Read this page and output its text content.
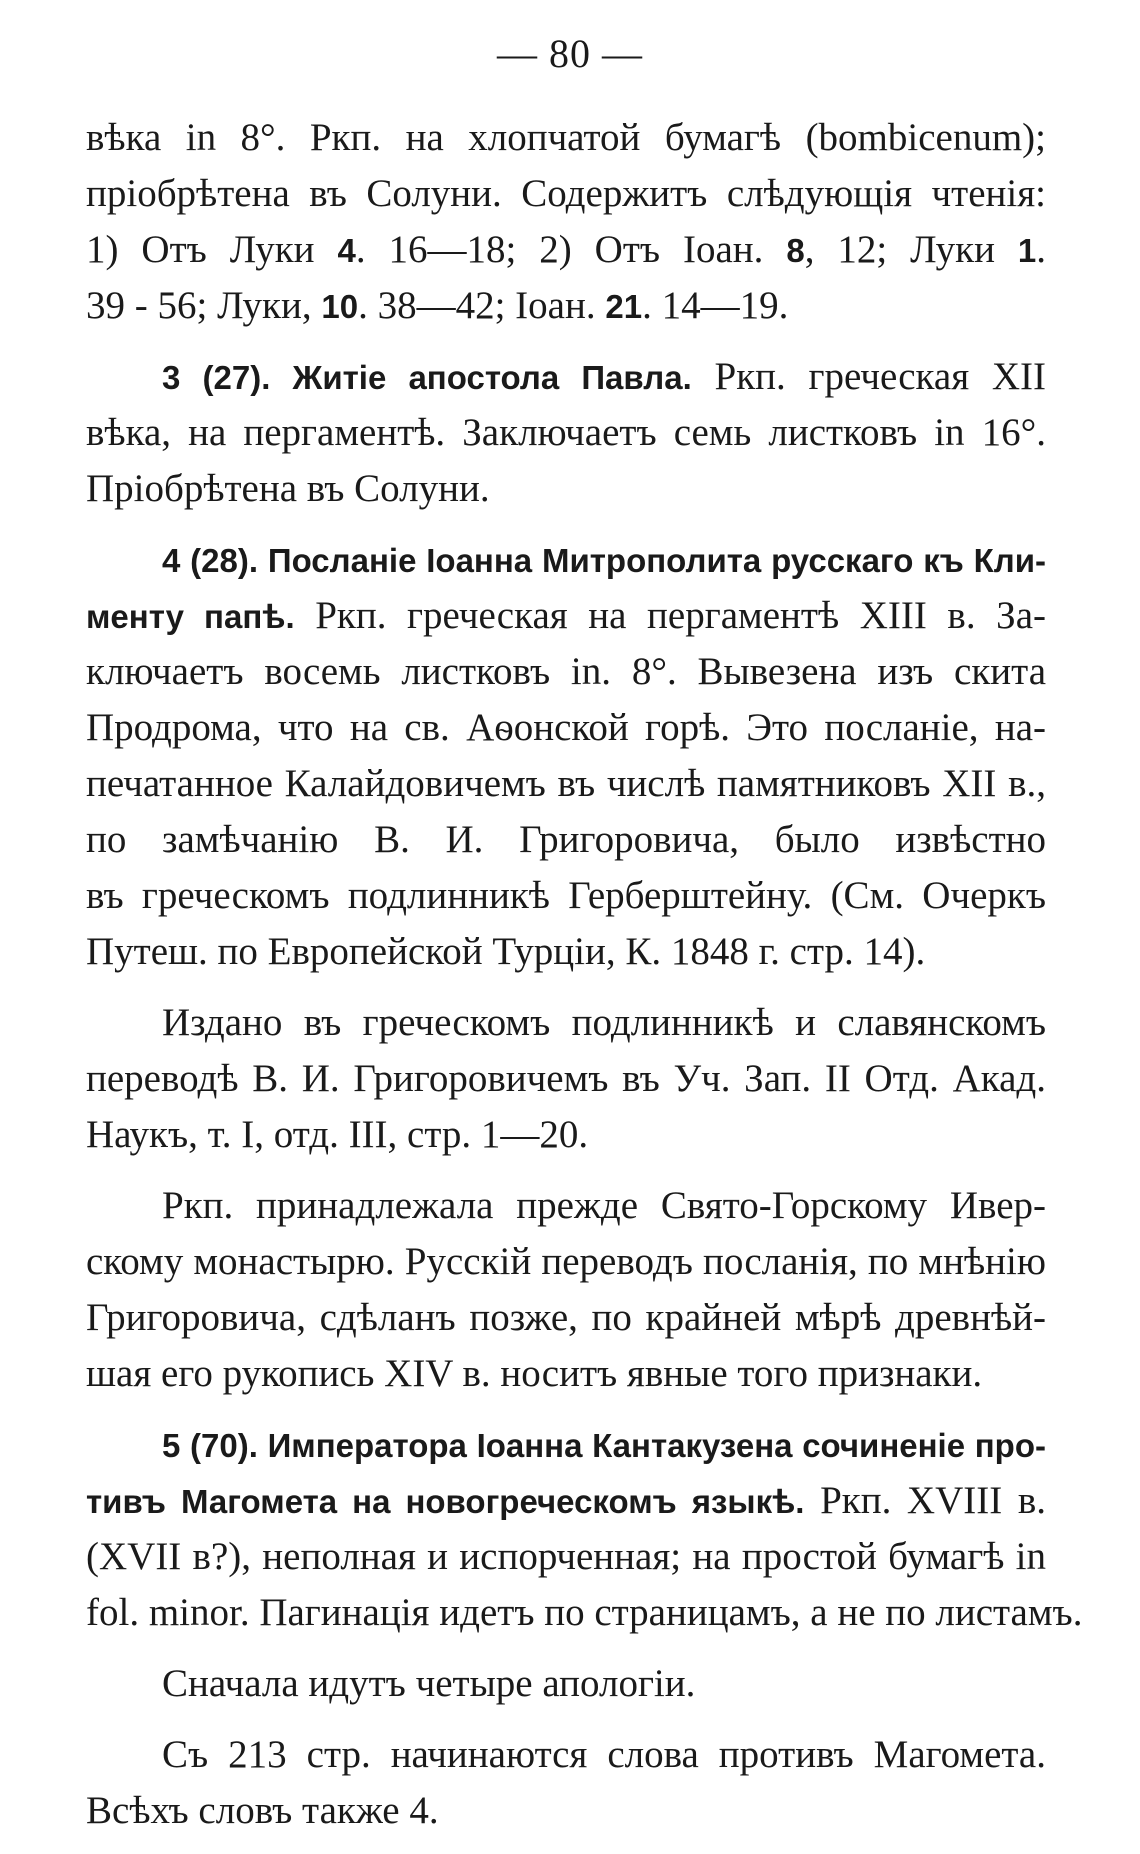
— 80 —
вѣка in 8°. Ркп. на хлопчатой бумагѣ (bombicenum);
пріобрѣтена въ Солуни. Содержитъ слѣдующія чтенія:
1) Отъ Луки 4. 16—18; 2) Отъ Іоан. 8, 12; Луки 1.
39 - 56; Луки, 10. 38—42; Іоан. 21. 14—19.
3 (27). Житіе апостола Павла. Ркп. греческая XII
вѣка, на пергаментѣ. Заключаетъ семь листковъ in 16°.
Пріобрѣтена въ Солуни.
4 (28). Посланіе Іоанна Митрополита русскаго къ Кли-
менту папѣ. Ркп. греческая на пергаментѣ XIII в. За-
ключаетъ восемь листковъ in. 8°. Вывезена изъ скита
Продрома, что на св. Аѳонской горѣ. Это посланіе, на-
печатанное Калайдовичемъ въ числѣ памятниковъ XII в.,
по замѣчанію В. И. Григоровича, было извѣстно
въ греческомъ подлинникѣ Герберштейну. (См. Очеркъ
Путеш. по Европейской Турціи, К. 1848 г. стр. 14).
Издано въ греческомъ подлинникѣ и славянскомъ
переводѣ В. И. Григоровичемъ въ Уч. Зап. II Отд. Акад.
Наукъ, т. I, отд. III, стр. 1—20.
Ркп. принадлежала прежде Свято-Горскому Ивер-
скому монастырю. Русскій переводъ посланія, по мнѣнію
Григоровича, сдѣланъ позже, по крайней мѣрѣ древнѣй-
шая его рукопись XIV в. носитъ явные того признаки.
5 (70). Императора Іоанна Кантакузена сочиненіе про-
тивъ Магомета на новогреческомъ языкѣ. Ркп. XVIII в.
(XVII в?), неполная и испорченная; на простой бумагѣ in
fol. minor. Пагинація идетъ по страницамъ, а не по листамъ.
Сначала идутъ четыре апологіи.
Съ 213 стр. начинаются слова противъ Магомета.
Всѣхъ словъ также 4.
